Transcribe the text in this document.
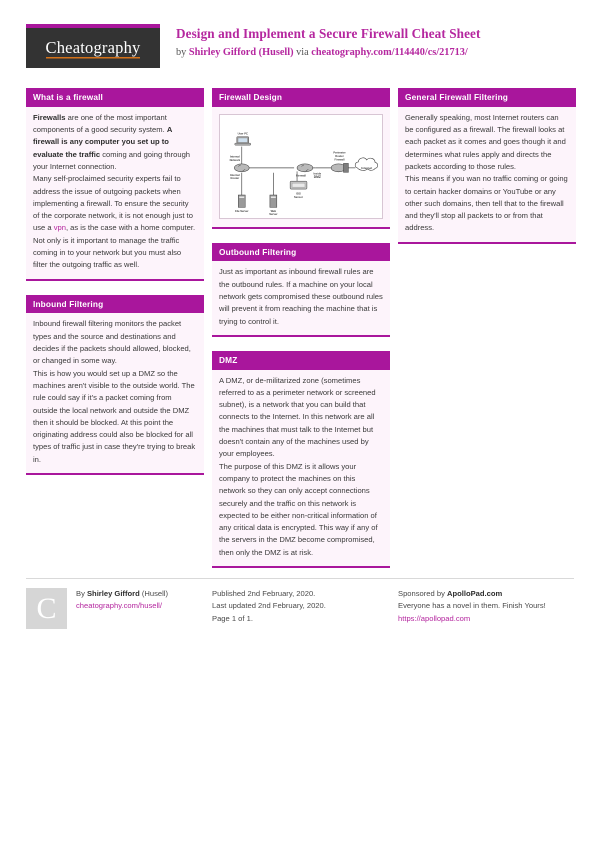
Cheatography
Design and Implement a Secure Firewall Cheat Sheet
by Shirley Gifford (Husell) via cheatography.com/114440/cs/21713/
What is a firewall

Firewalls are one of the most important components of a good security system. A firewall is any computer you set up to evaluate the traffic coming and going through your Internet connection.

Many self-proclaimed security experts fail to address the issue of outgoing packets when implementing a firewall. To ensure the security of the corporate network, it is not enough just to use a vpn, as is the case with a home computer. Not only is it important to manage the traffic coming in to your network but you must also filter the outgoing traffic as well.

Inbound Filtering

Inbound firewall filtering monitors the packet types and the source and destinations and decides if the packets should allowed, blocked, or changed in some way.

This is how you would set up a DMZ so the machines aren't visible to the outside world. The rule could say if it's a packet coming from outside the local network and outside the DMZ then it should be blocked. At this point the originating address could also be blocked for all types of traffic just in case they're trying to break in.

Firewall Design
User PC
Internal
Network
Internal
Router
File Server	Web
Server
Firewall
Inside
DMZ
IDS
Sensor
Perimeter
Router
Firewall
Internet
Outbound Filtering

Just as important as inbound firewall rules are the outbound rules. If a machine on your local network gets compromised these outbound rules will prevent it from reaching the machine that is trying to control it.

DMZ

A DMZ, or de-militarized zone (sometimes referred to as a perimeter network or screened subnet), is a network that you can build that connects to the Internet. In this network are all the machines that must talk to the Internet but doesn't contain any of the machines used by your employees.

The purpose of this DMZ is it allows your company to protect the machines on this network so they can only accept connections securely and the traffic on this network is expected to be either non-critical information of any critical data is encrypted. This way if any of the servers in the DMZ become compromised, then only the DMZ is at risk.

General Firewall Filtering

Generally speaking, most Internet routers can be configured as a firewall. The firewall looks at each packet as it comes and goes though it and determines what rules apply and directs the packets according to those rules.

This means if you wan no traffic coming or going to certain hacker domains or YouTube or any other such domains, then tell that to the firewall and they'll stop all packets to or from that address.

C	By Shirley Gifford (Husell)
cheatography.com/husell/
Published 2nd February, 2020.
Last updated 2nd February, 2020.
Page 1 of 1.
Sponsored by ApolloPad.com
Everyone has a novel in them. Finish Yours!
https://apollopad.com
